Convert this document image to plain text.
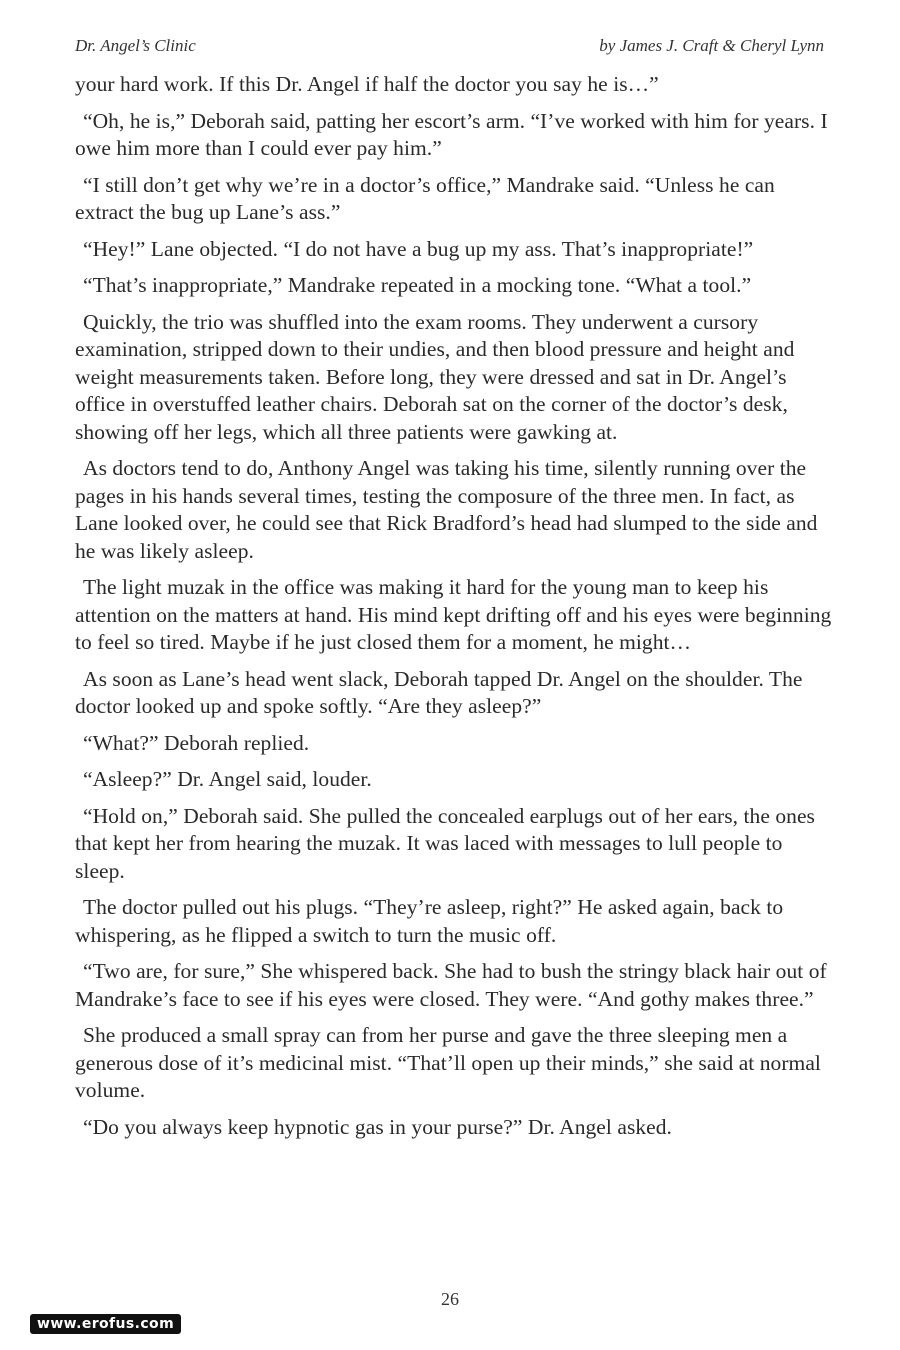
Dr. Angel’s Clinic	by James J. Craft & Cheryl Lynn

your hard work. If this Dr. Angel if half the doctor you say he is…”

“Oh, he is,” Deborah said, patting her escort’s arm. “I’ve worked with him for years. I owe him more than I could ever pay him.”

“I still don’t get why we’re in a doctor’s office,” Mandrake said. “Unless he can extract the bug up Lane’s ass.”

“Hey!” Lane objected. “I do not have a bug up my ass. That’s inappropriate!”

“That’s inappropriate,” Mandrake repeated in a mocking tone. “What a tool.”

Quickly, the trio was shuffled into the exam rooms. They underwent a cursory examination, stripped down to their undies, and then blood pressure and height and weight measurements taken. Before long, they were dressed and sat in Dr. Angel’s office in overstuffed leather chairs. Deborah sat on the corner of the doctor’s desk, showing off her legs, which all three patients were gawking at.

As doctors tend to do, Anthony Angel was taking his time, silently running over the pages in his hands several times, testing the composure of the three men. In fact, as Lane looked over, he could see that Rick Bradford’s head had slumped to the side and he was likely asleep.

The light muzak in the office was making it hard for the young man to keep his attention on the matters at hand. His mind kept drifting off and his eyes were beginning to feel so tired. Maybe if he just closed them for a moment, he might…

As soon as Lane’s head went slack, Deborah tapped Dr. Angel on the shoulder. The doctor looked up and spoke softly. “Are they asleep?”

“What?” Deborah replied.

“Asleep?” Dr. Angel said, louder.

“Hold on,” Deborah said. She pulled the concealed earplugs out of her ears, the ones that kept her from hearing the muzak. It was laced with messages to lull people to sleep.

The doctor pulled out his plugs. “They’re asleep, right?” He asked again, back to whispering, as he flipped a switch to turn the music off.

“Two are, for sure,” She whispered back. She had to bush the stringy black hair out of Mandrake’s face to see if his eyes were closed. They were. “And gothy makes three.”

She produced a small spray can from her purse and gave the three sleeping men a generous dose of it’s medicinal mist. “That’ll open up their minds,” she said at normal volume.

“Do you always keep hypnotic gas in your purse?” Dr. Angel asked.

26
www.erofus.com
